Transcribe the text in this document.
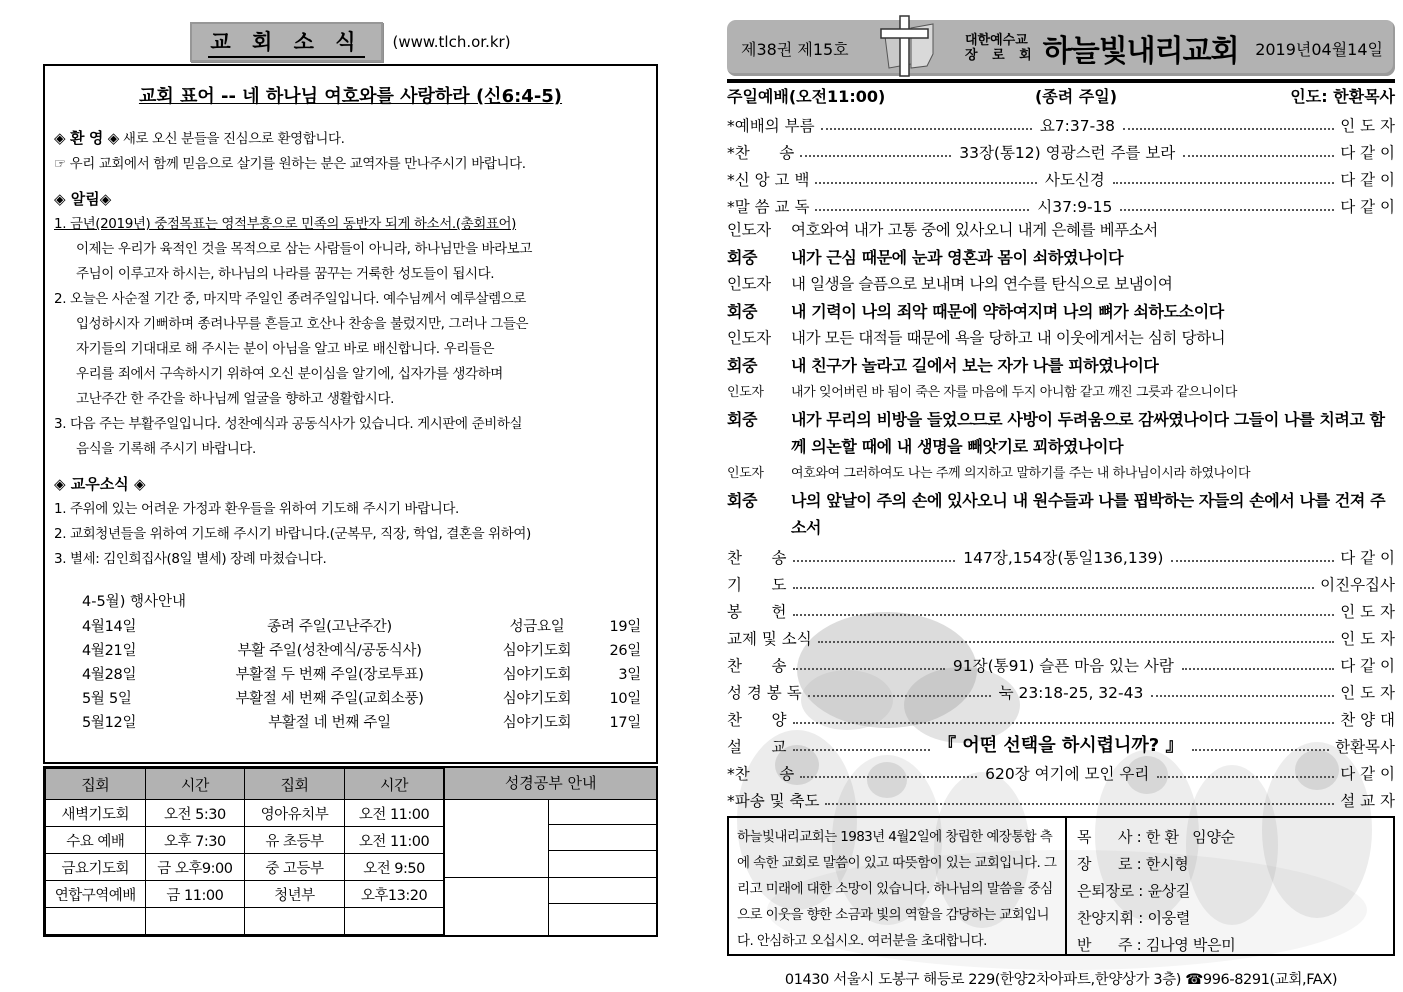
교 회 소 식	(www.tlch.or.kr)
교회 표어 -- 네 하나님 여호와를 사랑하라 (신6:4-5)
◈ 환 영 ◈ 새로 오신 분들을 진심으로 환영합니다.
☞ 우리 교회에서 함께 믿음으로 살기를 원하는 분은 교역자를 만나주시기 바랍니다.
◈ 알림◈
1. 금년(2019년) 중점목표는 영적부흥으로 민족의 동반자 되게 하소서.(총회표어)
이제는 우리가 육적인 것을 목적으로 삼는 사람들이 아니라, 하나님만을 바라보고
주님이 이루고자 하시는, 하나님의 나라를 꿈꾸는 거룩한 성도들이 됩시다.
2. 오늘은 사순절 기간 중, 마지막 주일인 종려주일입니다. 예수님께서 예루살렘으로
입성하시자 기뻐하며 종려나무를 흔들고 호산나 찬송을 불렀지만, 그러나 그들은
자기들의 기대대로 해 주시는 분이 아님을 알고 바로 배신합니다. 우리들은
우리를 죄에서 구속하시기 위하여 오신 분이심을 알기에, 십자가를 생각하며
고난주간 한 주간을 하나님께 얼굴을 향하고 생활합시다.
3. 다음 주는 부활주일입니다. 성찬예식과 공동식사가 있습니다. 게시판에 준비하실
음식을 기록해 주시기 바랍니다.
◈ 교우소식 ◈
1. 주위에 있는 어려운 가정과 환우들을 위하여 기도해 주시기 바랍니다.
2. 교회청년들을 위하여 기도해 주시기 바랍니다.(군복무, 직장, 학업, 결혼을 위하여)
3. 별세: 김인희집사(8일 별세) 장례 마쳤습니다.
4-5월) 행사안내
4월14일	종려 주일(고난주간)	성금요일	19일
4월21일	부활 주일(성찬예식/공동식사)	심야기도회	26일
4월28일	부활절 두 번째 주일(장로투표)	심야기도회	3일
5월 5일	부활절 세 번째 주일(교회소풍)	심야기도회	10일
5월12일	부활절 네 번째 주일	심야기도회	17일
집회	시간	집회	시간
새벽기도회	오전 5:30	영아유치부	오전 11:00
수요 예배	오후 7:30	유 초등부	오전 11:00
금요기도회	금 오후9:00	중 고등부	오전 9:50
연합구역예배	금 11:00	청년부	오후13:20

성경공부 안내
제38권 제15호	대한예수교
장 로 회 하늘빛내리교회 2019년04월14일
주일예배(오전11:00)	(종려 주일)	인도: 한환목사
*예배의 부름	요7:37-38	인 도 자
*찬      송	33장(통12) 영광스런 주를 보라	다 같 이
*신 앙 고 백	사도신경	다 같 이
*말 씀 교 독	시37:9-15	다 같 이
인도자	여호와여 내가 고통 중에 있사오니 내게 은혜를 베푸소서
회중	내가 근심 때문에 눈과 영혼과 몸이 쇠하였나이다
인도자	내 일생을 슬픔으로 보내며 나의 연수를 탄식으로 보냄이여
회중	내 기력이 나의 죄악 때문에 약하여지며 나의 뼈가 쇠하도소이다
인도자	내가 모든 대적들 때문에 욕을 당하고 내 이웃에게서는 심히 당하니
회중	내 친구가 놀라고 길에서 보는 자가 나를 피하였나이다
인도자	내가 잊어버린 바 됨이 죽은 자를 마음에 두지 아니함 같고 깨진 그릇과 같으니이다
회중	내가 무리의 비방을 들었으므로 사방이 두려움으로 감싸였나이다 그들이 나를 치려고 함께 의논할 때에 내 생명을 빼앗기로 꾀하였나이다
인도자	여호와여 그러하여도 나는 주께 의지하고 말하기를 주는 내 하나님이시라 하였나이다
회중	나의 앞날이 주의 손에 있사오니 내 원수들과 나를 핍박하는 자들의 손에서 나를 건져 주소서
찬      송	147장,154장(통일136,139)	다 같 이
기      도	이진우집사
봉      헌	인 도 자
교제 및 소식	인 도 자
찬      송	91장(통91) 슬픈 마음 있는 사람	다 같 이
성 경 봉 독	눅 23:18-25, 32-43	인 도 자
찬      양	찬 양 대
설      교	『 어떤 선택을 하시렵니까? 』	한환목사
*찬      송	620장 여기에 모인 우리	다 같 이
*파송 및 축도	설 교 자
하늘빛내리교회는 1983년 4월2일에 창립한 예장통합 측에 속한 교회로 말씀이 있고 따뜻함이 있는 교회입니다. 그리고 미래에 대한 소망이 있습니다. 하나님의 말씀을 중심으로 이웃을 향한 소금과 빛의 역할을 감당하는 교회입니다. 안심하고 오십시오. 여러분을 초대합니다.
목      사 : 한 환   임양순
장      로 : 한시형
은퇴장로 : 윤상길
찬양지휘 : 이웅렬
반      주 : 김나영 박은미
01430 서울시 도봉구 해등로 229(한양2차아파트,한양상가 3층) ☎996-8291(교회,FAX)
